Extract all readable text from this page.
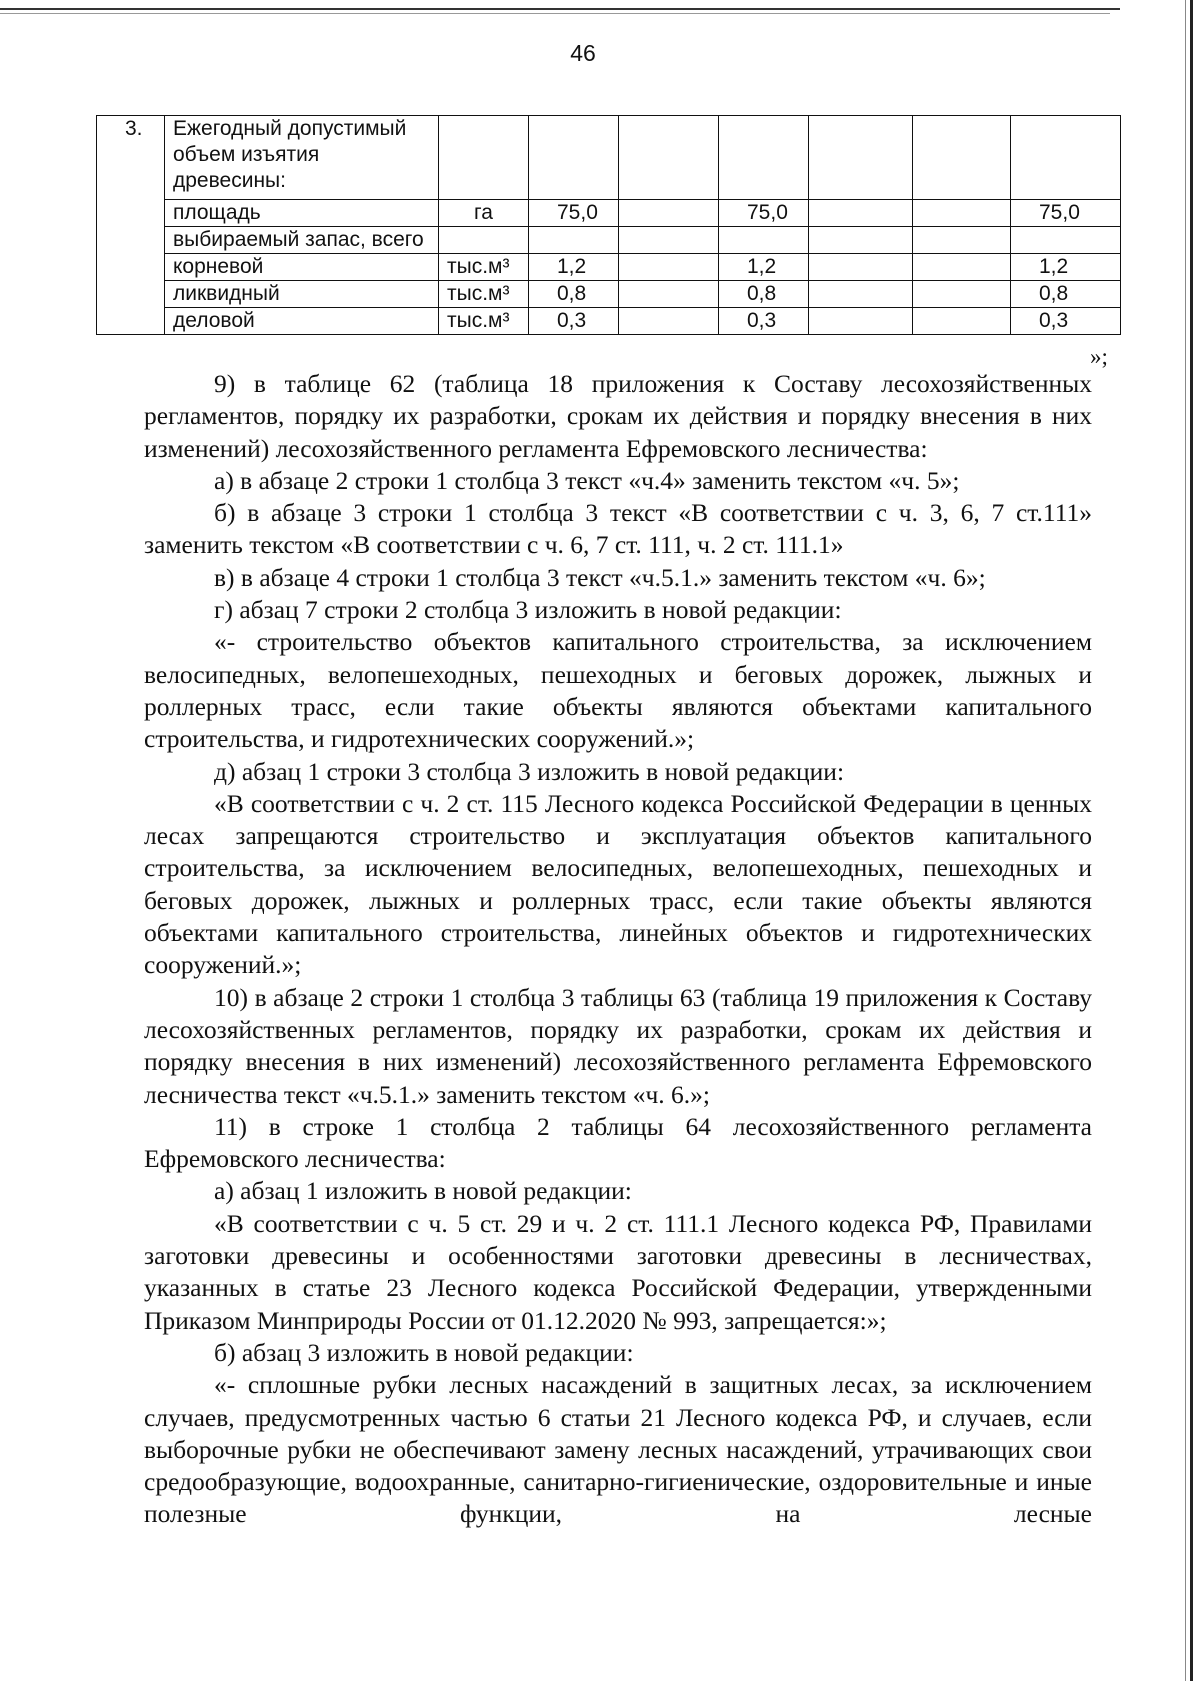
46
3.	Ежегодный допустимый объем изъятия древесины:							
	площадь	га	75,0		75,0			75,0
	выбираемый запас, всего							
	корневой	тыс.м³	1,2		1,2			1,2
	ликвидный	тыс.м³	0,8		0,8			0,8
	деловой	тыс.м³	0,3		0,3			0,3
»;

9) в таблице 62 (таблица 18 приложения к Составу лесохозяйственных регламентов, порядку их разработки, срокам их действия и порядку внесения в них изменений) лесохозяйственного регламента Ефремовского лесничества:

а) в абзаце 2 строки 1 столбца 3 текст «ч.4» заменить текстом «ч. 5»;

б) в абзаце 3 строки 1 столбца 3 текст «В соответствии с ч. 3, 6, 7 ст.111» заменить текстом «В соответствии с ч. 6, 7 ст. 111, ч. 2 ст. 111.1»

в) в абзаце 4 строки 1 столбца 3 текст «ч.5.1.» заменить текстом «ч. 6»;

г) абзац 7 строки 2 столбца 3 изложить в новой редакции:

«- строительство объектов капитального строительства, за исключением велосипедных, велопешеходных, пешеходных и беговых дорожек, лыжных и роллерных трасс, если такие объекты являются объектами капитального строительства, и гидротехнических сооружений.»;

д) абзац 1 строки 3 столбца 3 изложить в новой редакции:

«В соответствии с ч. 2 ст. 115 Лесного кодекса Российской Федерации в ценных лесах запрещаются строительство и эксплуатация объектов капитального строительства, за исключением велосипедных, велопешеходных, пешеходных и беговых дорожек, лыжных и роллерных трасс, если такие объекты являются объектами капитального строительства, линейных объектов и гидротехнических сооружений.»;

10) в абзаце 2 строки 1 столбца 3 таблицы 63 (таблица 19 приложения к Составу лесохозяйственных регламентов, порядку их разработки, срокам их действия и порядку внесения в них изменений) лесохозяйственного регламента Ефремовского лесничества текст «ч.5.1.» заменить текстом «ч. 6.»;

11) в строке 1 столбца 2 таблицы 64 лесохозяйственного регламента Ефремовского лесничества:

а) абзац 1 изложить в новой редакции:

«В соответствии с ч. 5 ст. 29 и ч. 2 ст. 111.1 Лесного кодекса РФ, Правилами заготовки древесины и особенностями заготовки древесины в лесничествах, указанных в статье 23 Лесного кодекса Российской Федерации, утвержденными Приказом Минприроды России от 01.12.2020 № 993, запрещается:»;

б) абзац 3 изложить в новой редакции:

«- сплошные рубки лесных насаждений в защитных лесах, за исключением случаев, предусмотренных частью 6 статьи 21 Лесного кодекса РФ, и случаев, если выборочные рубки не обеспечивают замену лесных насаждений, утрачивающих свои средообразующие, водоохранные, санитарно-гигиенические, оздоровительные и иные полезные функции, на лесные
